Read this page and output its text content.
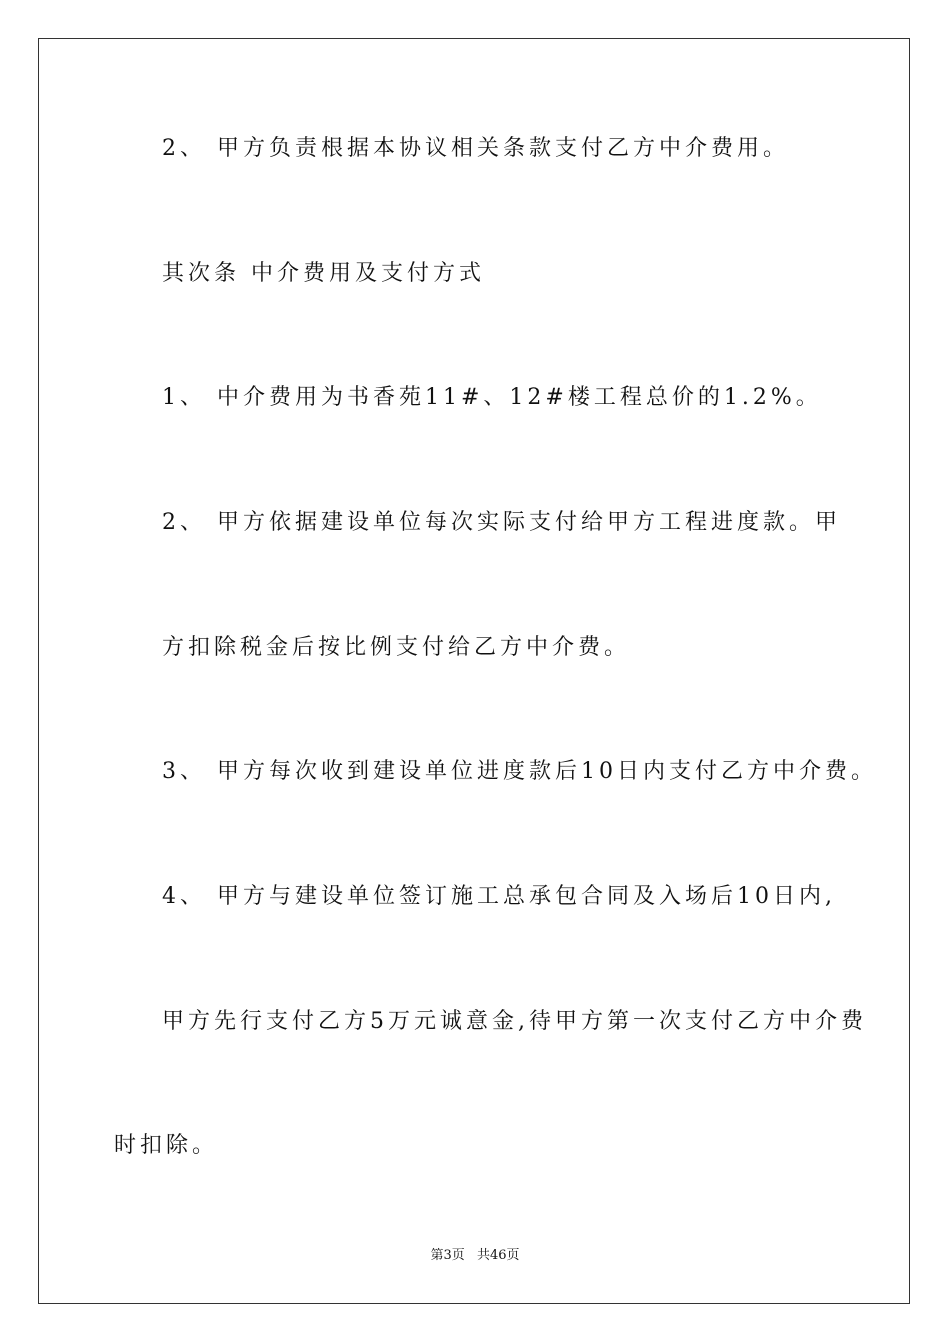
2、 甲方负责根据本协议相关条款支付乙方中介费用。
其次条 中介费用及支付方式
1、 中介费用为书香苑11#、12#楼工程总价的1.2%。
2、 甲方依据建设单位每次实际支付给甲方工程进度款。甲
方扣除税金后按比例支付给乙方中介费。
3、 甲方每次收到建设单位进度款后10日内支付乙方中介费。
4、 甲方与建设单位签订施工总承包合同及入场后10日内,
甲方先行支付乙方5万元诚意金,待甲方第一次支付乙方中介费
时扣除。
第3页 共46页
